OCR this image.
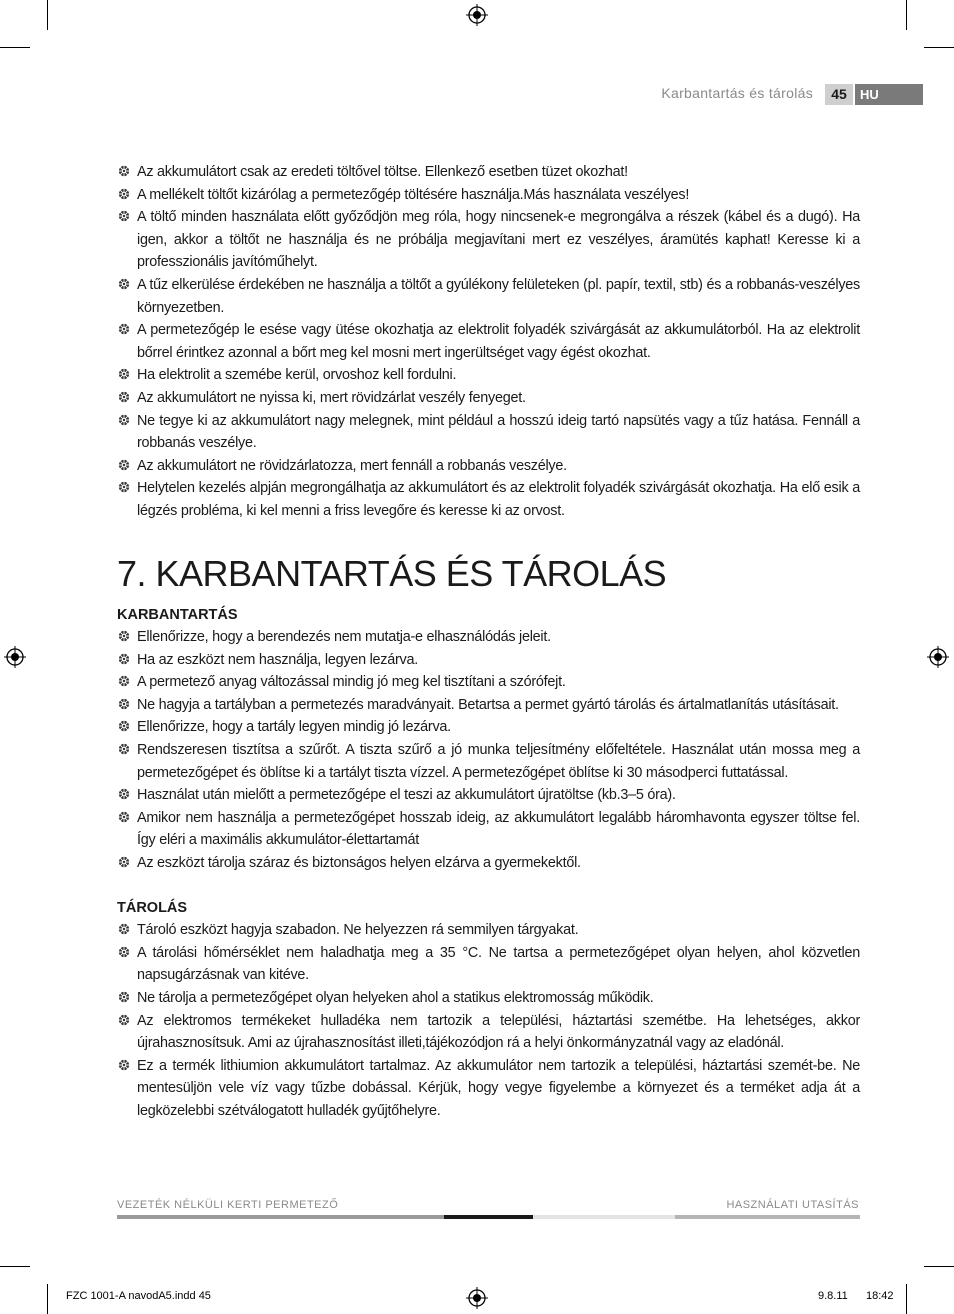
Karbantartás és tárolás	45	HU
Az akkumulátort csak az eredeti töltővel töltse. Ellenkező esetben tüzet okozhat!
A mellékelt töltőt kizárólag a permetezőgép töltésére használja.Más használata veszélyes!
A töltő minden használata előtt győződjön meg róla, hogy nincsenek-e megrongálva a részek (kábel és a dugó). Ha igen, akkor a töltőt ne használja és ne próbálja megjavítani mert ez veszélyes, áramütés kaphat! Keresse ki a professzionális javítóműhelyt.
A tűz elkerülése érdekében ne használja a töltőt a gyúlékony felületeken (pl. papír, textil, stb) és a robbanás-veszélyes környezetben.
A permetezőgép le esése vagy ütése okozhatja az elektrolit folyadék szivárgását az akkumulátorból. Ha az elektrolit bőrrel érintkez azonnal a bőrt meg kel mosni mert ingerültséget vagy égést okozhat.
Ha elektrolit a szemébe kerül, orvoshoz kell fordulni.
Az akkumulátort ne nyissa ki, mert rövidzárlat veszély fenyeget.
Ne tegye ki az akkumulátort nagy melegnek, mint például a hosszú ideig tartó napsütés vagy a tűz hatása. Fennáll a robbanás veszélye.
Az akkumulátort ne rövidzárlatozza, mert fennáll a robbanás veszélye.
Helytelen kezelés alpján megrongálhatja az akkumulátort és az elektrolit folyadék szivárgását okozhatja. Ha elő esik a légzés probléma, ki kel menni a friss levegőre és keresse ki az orvost.
7. KARBANTARTÁS ÉS TÁROLÁS
KARBANTARTÁS
Ellenőrizze, hogy a berendezés nem mutatja-e elhasználódás jeleit.
Ha az eszközt nem használja, legyen lezárva.
A permetező anyag változással mindig jó meg kel tisztítani a szórófejt.
Ne hagyja a tartályban a permetezés maradványait. Betartsa a permet gyártó tárolás és ártalmatlanítás utásításait.
Ellenőrizze, hogy a tartály legyen mindig jó lezárva.
Rendszeresen tisztítsa a szűrőt. A tiszta szűrő a jó munka teljesítmény előfeltétele. Használat után mossa meg a permetezőgépet és öblítse ki a tartályt tiszta vízzel. A permetezőgépet öblítse ki 30 másodperci futtatással.
Használat után mielőtt a permetezőgépe el teszi az akkumulátort újratöltse (kb.3–5 óra).
Amikor nem használja a permetezőgépet hosszab ideig, az akkumulátort legalább háromhavonta egyszer töltse fel. Így eléri a maximális akkumulátor-élettartamát
Az eszközt tárolja száraz és biztonságos helyen elzárva a gyermekektől.
TÁROLÁS
Tároló eszközt hagyja szabadon. Ne helyezzen rá semmilyen tárgyakat.
A tárolási hőmérséklet nem haladhatja meg a 35 °C. Ne tartsa a permetezőgépet olyan helyen, ahol közvetlen napsugárzásnak van kitéve.
Ne tárolja a permetezőgépet olyan helyeken ahol a statikus elektromosság működik.
Az elektromos termékeket hulladéka nem tartozik a települési, háztartási szemétbe. Ha lehetséges, akkor újrahasznosítsuk. Ami az újrahasznosítást illeti,tájékozódjon rá a helyi önkormányzatnál vagy az eladónál.
Ez a termék lithiumion akkumulátort tartalmaz. Az akkumulátor nem tartozik a települési, háztartási szemét-be. Ne mentesüljön vele víz vagy tűzbe dobással. Kérjük, hogy vegye figyelembe a környezet és a terméket adja át a legközelebbi szétválogatott hulladék gyűjtőhelyre.
VEZETÉK NÉLKÜLI KERTI PERMETEZŐ	HASZNÁLATI UTASÍTÁS
FZC 1001-A navodA5.indd 45	9.8.11 18:42
